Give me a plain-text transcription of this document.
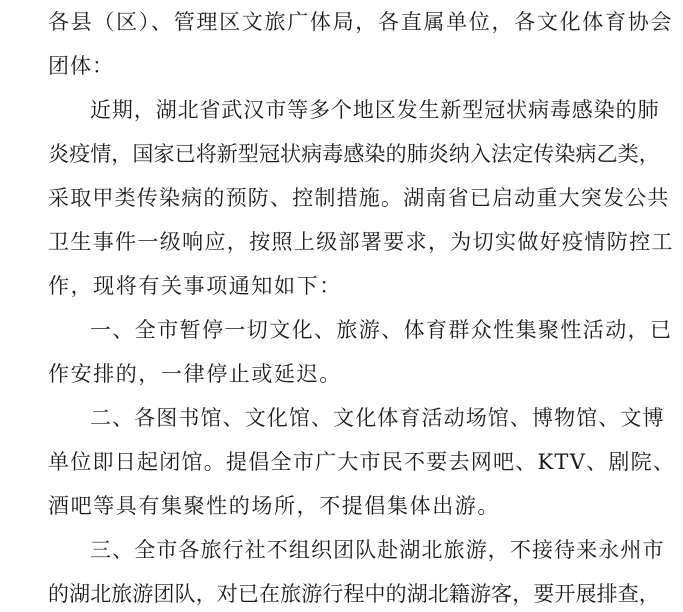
各县（区）、管理区文旅广体局，各直属单位，各文化体育协会
团体：
近期，湖北省武汉市等多个地区发生新型冠状病毒感染的肺
炎疫情，国家已将新型冠状病毒感染的肺炎纳入法定传染病乙类，
采取甲类传染病的预防、控制措施。湖南省已启动重大突发公共
卫生事件一级响应，按照上级部署要求，为切实做好疫情防控工
作，现将有关事项通知如下：
一、全市暂停一切文化、旅游、体育群众性集聚性活动，已
作安排的，一律停止或延迟。
二、各图书馆、文化馆、文化体育活动场馆、博物馆、文博
单位即日起闭馆。提倡全市广大市民不要去网吧、KTV、剧院、
酒吧等具有集聚性的场所，不提倡集体出游。
三、全市各旅行社不组织团队赴湖北旅游，不接待来永州市
的湖北旅游团队，对已在旅游行程中的湖北籍游客，要开展排查，
